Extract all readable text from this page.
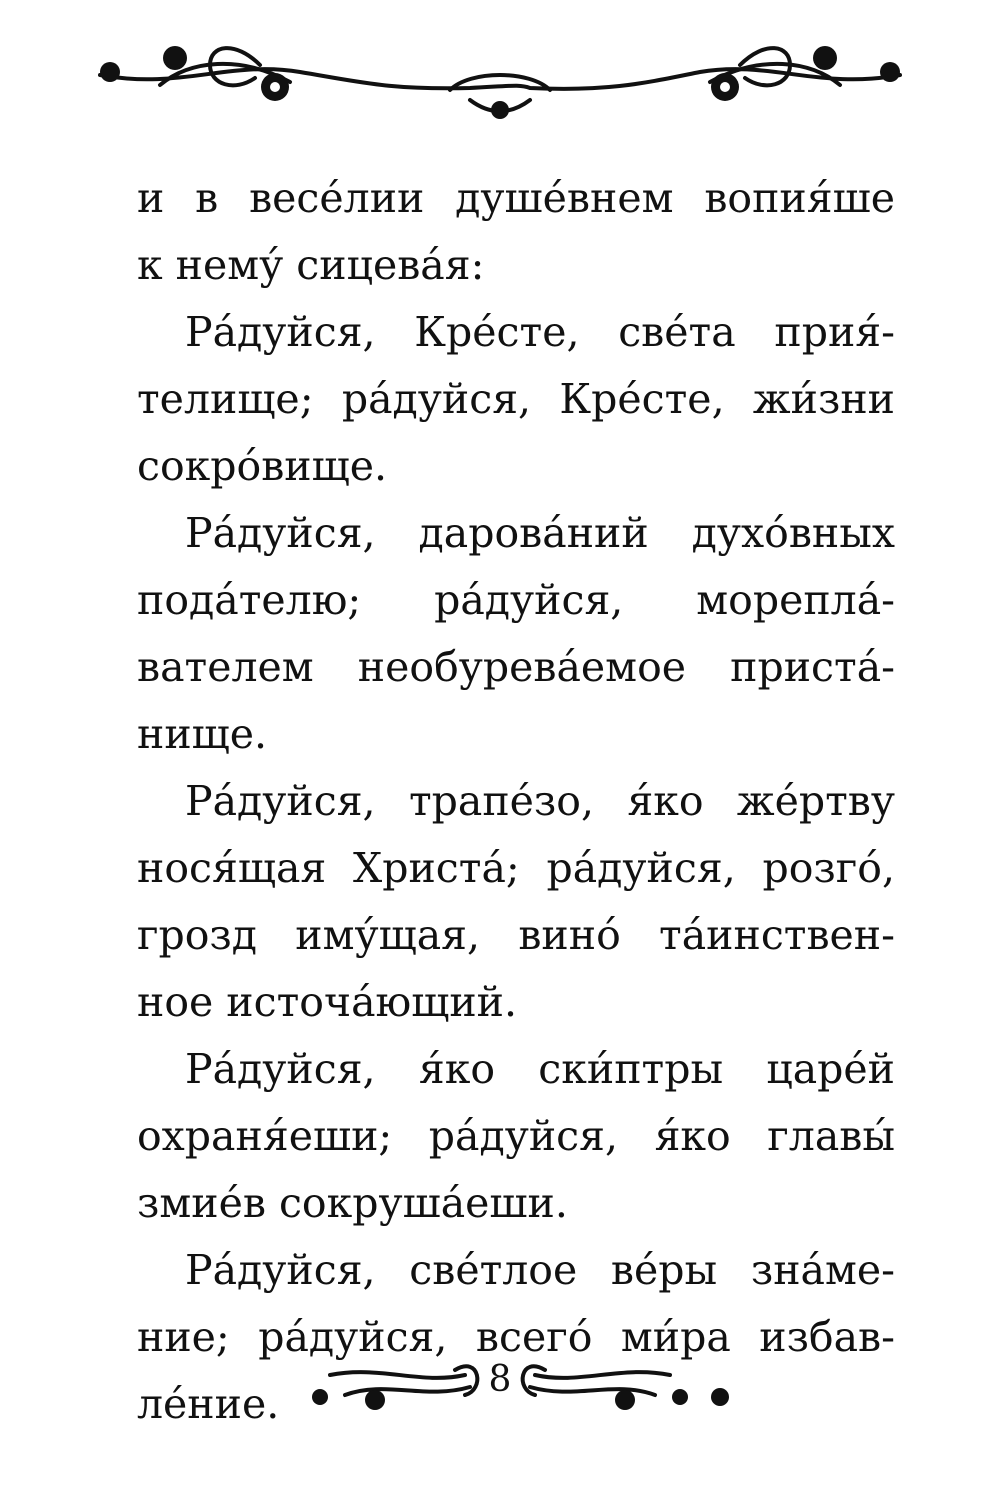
и в весе́лии душе́внем вопия́ше

к нему́ сицева́я:

Ра́дуйся, Кре́сте, све́та прия́-

телище; ра́дуйся, Кре́сте, жи́зни

сокро́вище.

Ра́дуйся, дарова́ний духо́вных

пода́телю; ра́дуйся, морепла́-

вателем необурева́емое приста́-

нище.

Ра́дуйся, трапе́зо, я́ко же́ртву

нося́щая Христа́; ра́дуйся, розго́,

грозд иму́щая, вино́ та́инствен-

ное источа́ющий.

Ра́дуйся, я́ко ски́птры царе́й

охраня́еши; ра́дуйся, я́ко главы́

змие́в сокруша́еши.

Ра́дуйся, све́тлое ве́ры зна́ме-

ние; ра́дуйся, всего́ ми́ра избав-

ле́ние.

8
